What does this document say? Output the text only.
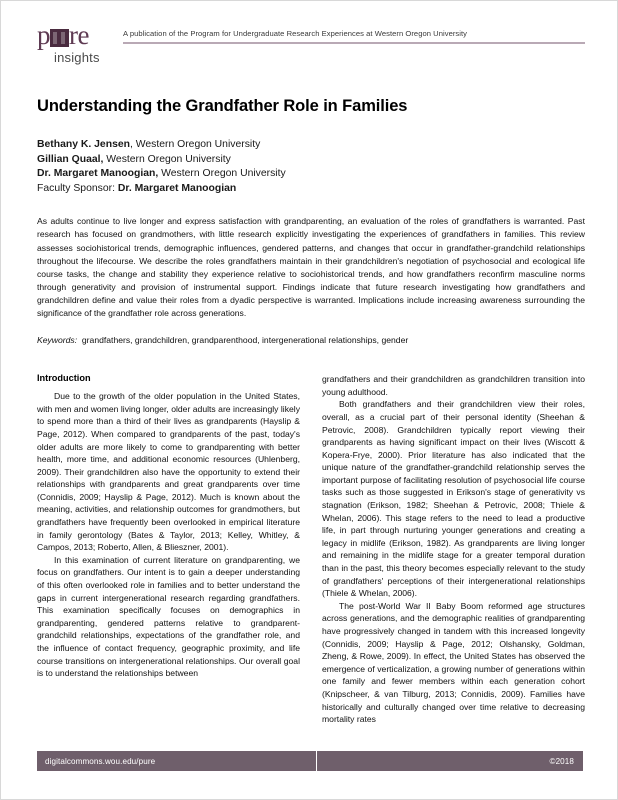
p re
insights
A publication of the Program for Undergraduate Research Experiences at Western Oregon University
Understanding the Grandfather Role in Families
Bethany K. Jensen, Western Oregon University
Gillian Quaal, Western Oregon University
Dr. Margaret Manoogian, Western Oregon University
Faculty Sponsor: Dr. Margaret Manoogian
As adults continue to live longer and express satisfaction with grandparenting, an evaluation of the roles of grandfathers is warranted. Past research has focused on grandmothers, with little research explicitly investigating the experiences of grandfathers in families. This review assesses sociohistorical trends, demographic influences, gendered patterns, and changes that occur in grandfather-grandchild relationships throughout the lifecourse. We describe the roles grandfathers maintain in their grandchildren's negotiation of psychosocial and ecological life course tasks, the change and stability they experience relative to sociohistorical trends, and how grandfathers reconfirm masculine norms through generativity and provision of instrumental support. Findings indicate that future research investigating how grandfathers and grandchildren define and value their roles from a dyadic perspective is warranted. Implications include increasing awareness surrounding the significance of the grandfather role across generations.
Keywords: grandfathers, grandchildren, grandparenthood, intergenerational relationships, gender
Introduction

Due to the growth of the older population in the United States, with men and women living longer, older adults are increasingly likely to spend more than a third of their lives as grandparents (Hayslip & Page, 2012). When compared to grandparents of the past, today's older adults are more likely to come to grandparenting with better health, more time, and additional economic resources (Uhlenberg, 2009). Their grandchildren also have the opportunity to extend their relationships with grandparents and great grandparents over time (Connidis, 2009; Hayslip & Page, 2012). Much is known about the meaning, activities, and relationship outcomes for grandmothers, but grandfathers have frequently been overlooked in empirical literature in family gerontology (Bates & Taylor, 2013; Kelley, Whitley, & Campos, 2013; Roberto, Allen, & Blieszner, 2001).

In this examination of current literature on grandparenting, we focus on grandfathers. Our intent is to gain a deeper understanding of this often overlooked role in families and to better understand the gaps in current intergenerational research regarding grandfathers. This examination specifically focuses on demographics in grandparenting, gendered patterns relative to grandparent-grandchild relationships, expectations of the grandfather role, and the influence of contact frequency, geographic proximity, and life course transitions on intergenerational relationships. Our overall goal is to understand the relationships between

grandfathers and their grandchildren as grandchildren transition into young adulthood.

Both grandfathers and their grandchildren view their roles, overall, as a crucial part of their personal identity (Sheehan & Petrovic, 2008). Grandchildren typically report viewing their grandparents as having significant impact on their lives (Wiscott & Kopera-Frye, 2000). Prior literature has also indicated that the unique nature of the grandfather-grandchild relationship serves the important purpose of facilitating resolution of psychosocial life course tasks such as those suggested in Erikson's stage of generativity vs stagnation (Erikson, 1982; Sheehan & Petrovic, 2008; Thiele & Whelan, 2006). This stage refers to the need to lead a productive life, in part through nurturing younger generations and creating a legacy in midlife (Erikson, 1982). As grandparents are living longer and remaining in the midlife stage for a greater temporal duration than in the past, this theory becomes especially relevant to the study of grandfathers' perceptions of their intergenerational relationships (Thiele & Whelan, 2006).

The post-World War II Baby Boom reformed age structures across generations, and the demographic realities of grandparenting have progressively changed in tandem with this increased longevity (Connidis, 2009; Hayslip & Page, 2012; Olshansky, Goldman, Zheng, & Rowe, 2009). In effect, the United States has observed the emergence of verticalization, a growing number of generations within one family and fewer members within each generation cohort (Knipscheer, & van Tilburg, 2013; Connidis, 2009). Families have historically and culturally changed over time relative to decreasing mortality rates

digitalcommons.wou.edu/pure	©2018
